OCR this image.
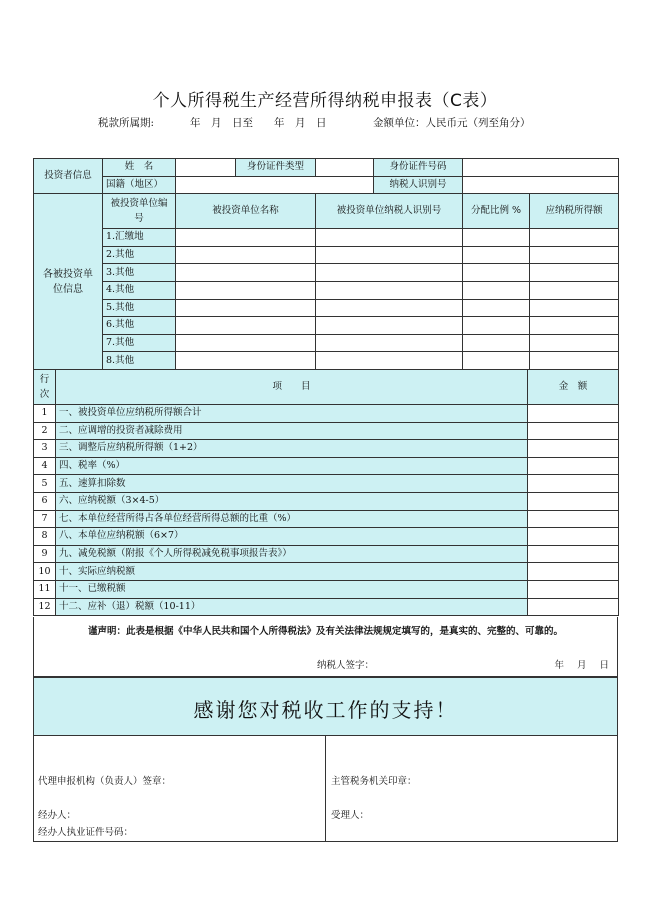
个人所得税生产经营所得纳税申报表（C表）
税款所属期:	年　月　日至　　年　月　日	金额单位：人民币元（列至角分）
投资者信息	姓　名		身份证件类型		身份证件号码		
	国籍（地区）				纳税人识别号		
各被投资单位信息	被投资单位编号	被投资单位名称		被投资单位纳税人识别号		分配比例 %	应纳税所得额
	1.汇缴地						
	2.其他						
	3.其他						
	4.其他						
	5.其他						
	6.其他						
	7.其他						
	8.其他						
行次	项　　目	金　额
1	一、被投资单位应纳税所得额合计	
2	二、应调增的投资者减除费用	
3	三、调整后应纳税所得额（1+2）	
4	四、税率（%）	
5	五、速算扣除数	
6	六、应纳税额（3×4-5）	
7	七、本单位经营所得占各单位经营所得总额的比重（%）	
8	八、本单位应纳税额（6×7）	
9	九、减免税额（附报《个人所得税减免税事项报告表》）	
10	十、实际应纳税额	
11	十一、已缴税额	
12	十二、应补（退）税额（10-11）	
谨声明：此表是根据《中华人民共和国个人所得税法》及有关法律法规规定填写的，是真实的、完整的、可靠的。
纳税人签字：	年 月 日
感谢您对税收工作的支持！
代理申报机构（负责人）签章：
经办人：
经办人执业证件号码：
主管税务机关印章：
受理人：
